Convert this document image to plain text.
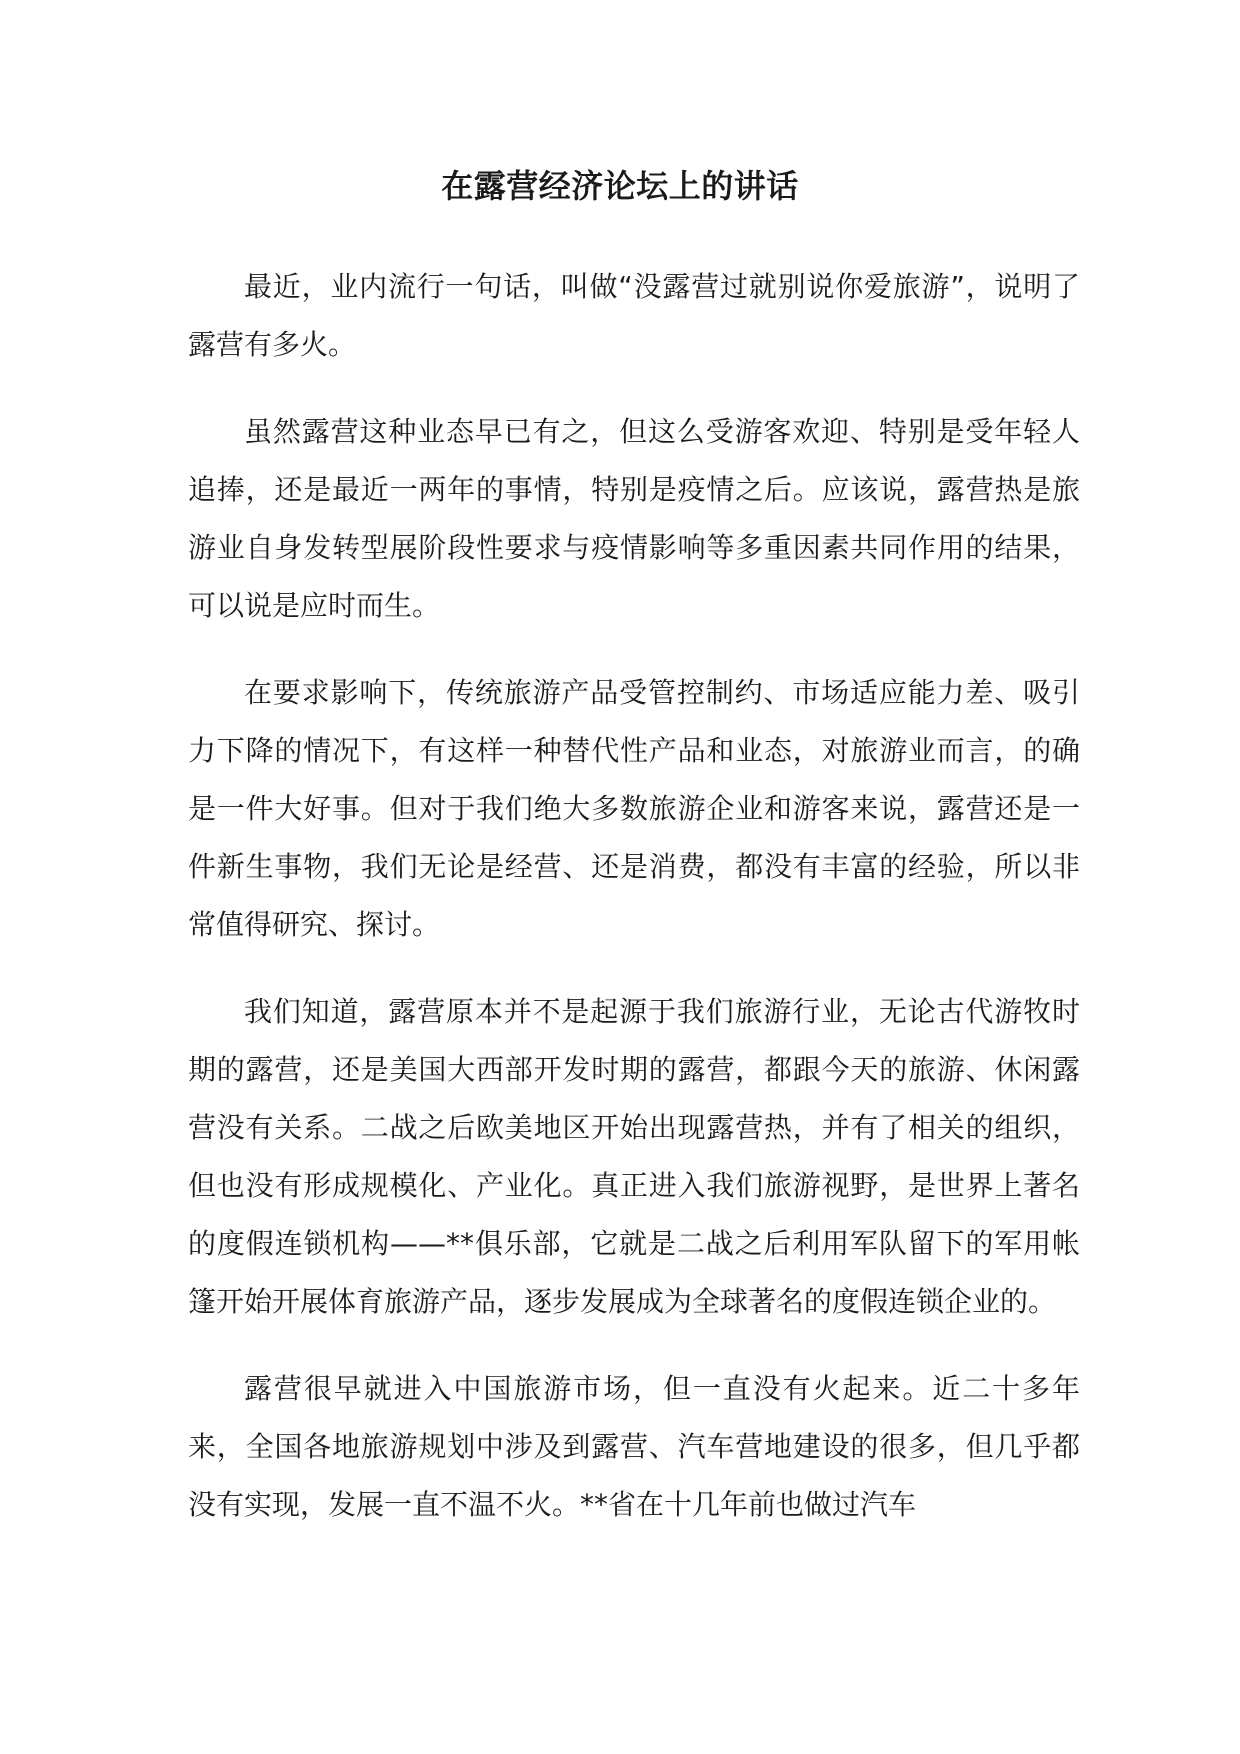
在露营经济论坛上的讲话

最近，业内流行一句话，叫做“没露营过就别说你爱旅游”，说明了露营有多火。

虽然露营这种业态早已有之，但这么受游客欢迎、特别是受年轻人追捧，还是最近一两年的事情，特别是疫情之后。应该说，露营热是旅游业自身发转型展阶段性要求与疫情影响等多重因素共同作用的结果，可以说是应时而生。

在要求影响下，传统旅游产品受管控制约、市场适应能力差、吸引力下降的情况下，有这样一种替代性产品和业态，对旅游业而言，的确是一件大好事。但对于我们绝大多数旅游企业和游客来说，露营还是一件新生事物，我们无论是经营、还是消费，都没有丰富的经验，所以非常值得研究、探讨。

我们知道，露营原本并不是起源于我们旅游行业，无论古代游牧时期的露营，还是美国大西部开发时期的露营，都跟今天的旅游、休闲露营没有关系。二战之后欧美地区开始出现露营热，并有了相关的组织，但也没有形成规模化、产业化。真正进入我们旅游视野，是世界上著名的度假连锁机构——**俱乐部，它就是二战之后利用军队留下的军用帐篷开始开展体育旅游产品，逐步发展成为全球著名的度假连锁企业的。

露营很早就进入中国旅游市场，但一直没有火起来。近二十多年来，全国各地旅游规划中涉及到露营、汽车营地建设的很多，但几乎都没有实现，发展一直不温不火。**省在十几年前也做过汽车
